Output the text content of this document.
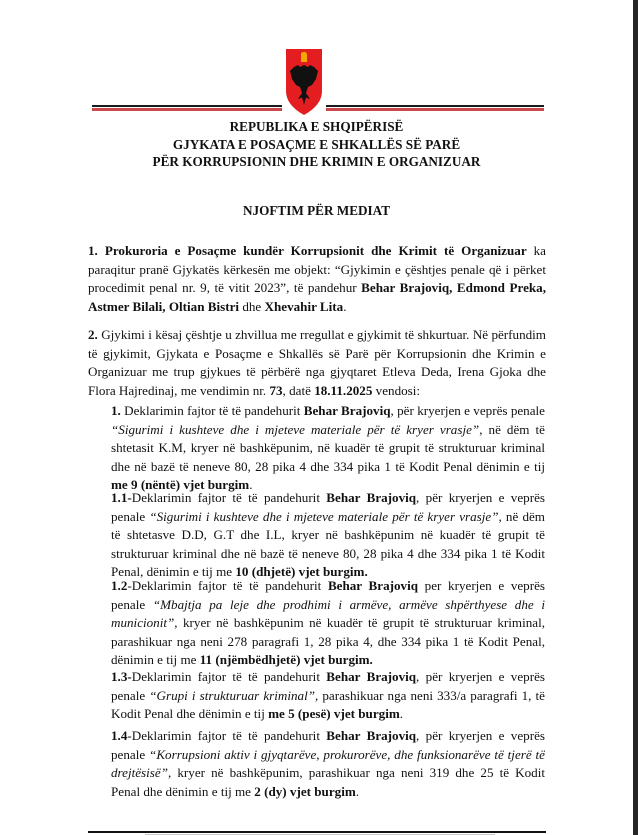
REPUBLIKA E SHQIPËRISË
GJYKATA E POSAÇME E SHKALLËS SË PARË
PËR KORRUPSIONIN DHE KRIMIN E ORGANIZUAR
NJOFTIM PËR MEDIAT
1. Prokuroria e Posaçme kundër Korrupsionit dhe Krimit të Organizuar ka paraqitur pranë Gjykatës kërkesën me objekt: “Gjykimin e çështjes penale që i përket procedimit penal nr. 9, të vitit 2023”, të pandehur Behar Brajoviq, Edmond Preka, Astmer Bilali, Oltian Bistri dhe Xhevahir Lita.
2. Gjykimi i kësaj çështje u zhvillua me rregullat e gjykimit të shkurtuar. Në përfundim të gjykimit, Gjykata e Posaçme e Shkallës së Parë për Korrupsionin dhe Krimin e Organizuar me trup gjykues të përbërë nga gjyqtaret Etleva Deda, Irena Gjoka dhe Flora Hajredinaj, me vendimin nr. 73, datë 18.11.2025 vendosi:
1. Deklarimin fajtor të të pandehurit Behar Brajoviq, për kryerjen e veprës penale “Sigurimi i kushteve dhe i mjeteve materiale për të kryer vrasje”, në dëm të shtetasit K.M, kryer në bashkëpunim, në kuadër të grupit të strukturuar kriminal dhe në bazë të neneve 80, 28 pika 4 dhe 334 pika 1 të Kodit Penal dënimin e tij me 9 (nëntë) vjet burgim.
1.1-Deklarimin fajtor të të pandehurit Behar Brajoviq, për kryerjen e veprës penale “Sigurimi i kushteve dhe i mjeteve materiale për të kryer vrasje”, në dëm të shtetasve D.D, G.T dhe I.L, kryer në bashkëpunim në kuadër të grupit të strukturuar kriminal dhe në bazë të neneve 80, 28 pika 4 dhe 334 pika 1 të Kodit Penal, dënimin e tij me 10 (dhjetë) vjet burgim.
1.2-Deklarimin fajtor të të pandehurit Behar Brajoviq per kryerjen e veprës penale “Mbajtja pa leje dhe prodhimi i armëve, armëve shpërthyese dhe i municionit”, kryer në bashkëpunim në kuadër të grupit të strukturuar kriminal, parashikuar nga neni 278 paragrafi 1, 28 pika 4, dhe 334 pika 1 të Kodit Penal, dënimin e tij me 11 (njëmbëdhjetë) vjet burgim.
1.3-Deklarimin fajtor të të pandehurit Behar Brajoviq, për kryerjen e veprës penale “Grupi i strukturuar kriminal”, parashikuar nga neni 333/a paragrafi 1, të Kodit Penal dhe dënimin e tij me 5 (pesë) vjet burgim.
1.4-Deklarimin fajtor të të pandehurit Behar Brajoviq, për kryerjen e veprës penale “Korrupsioni aktiv i gjyqtarëve, prokurorëve, dhe funksionarëve të tjerë të drejtësisë”, kryer në bashkëpunim, parashikuar nga neni 319 dhe 25 të Kodit Penal dhe dënimin e tij me 2 (dy) vjet burgim.
